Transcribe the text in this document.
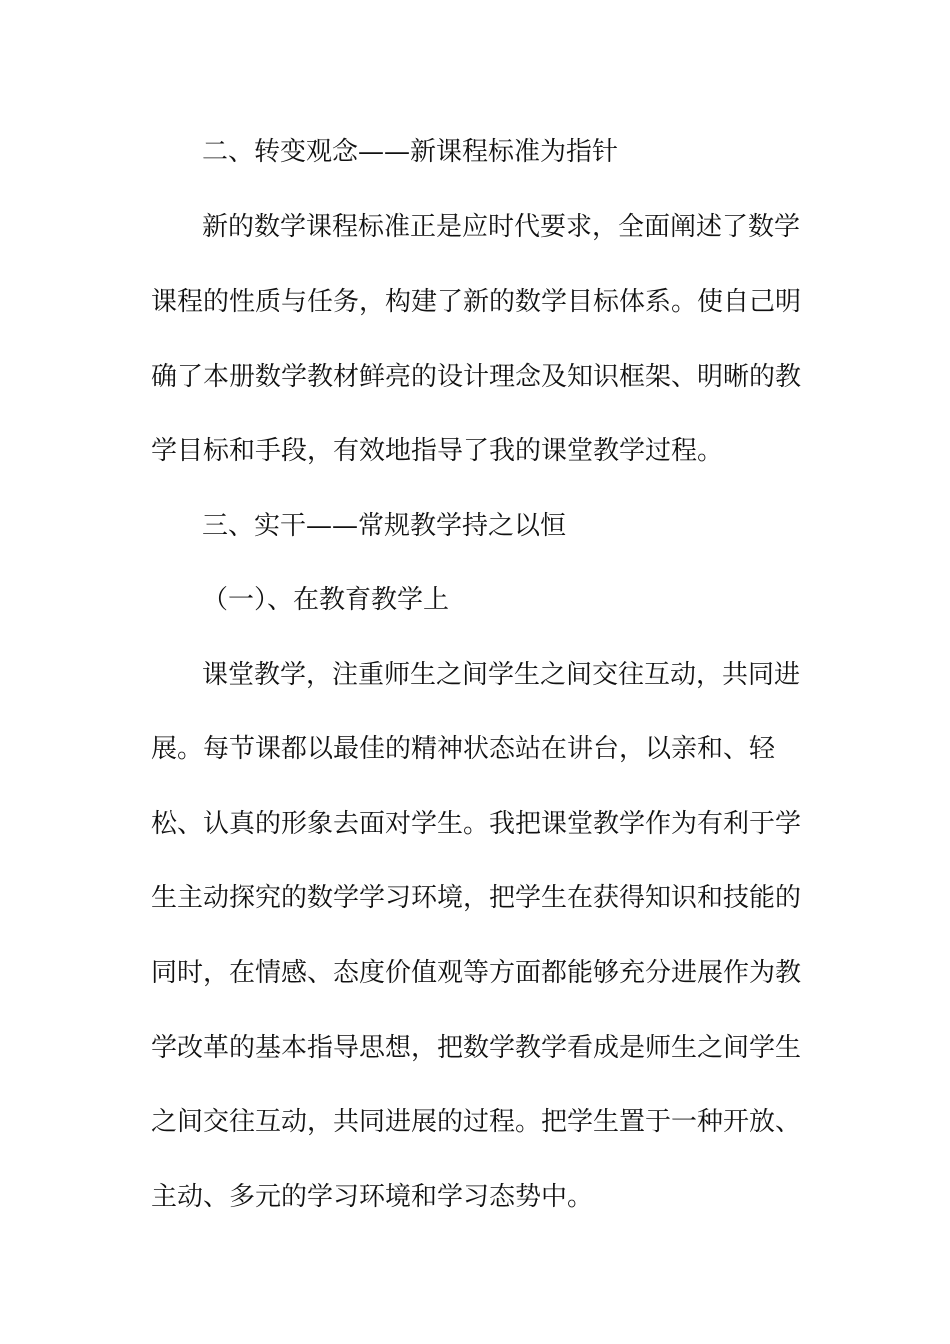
二、转变观念——新课程标准为指针
新的数学课程标准正是应时代要求，全面阐述了数学
课程的性质与任务，构建了新的数学目标体系。使自己明
确了本册数学教材鲜亮的设计理念及知识框架、明晰的教
学目标和手段，有效地指导了我的课堂教学过程。
三、实干——常规教学持之以恒
（一）、在教育教学上
课堂教学，注重师生之间学生之间交往互动，共同进
展。每节课都以最佳的精神状态站在讲台，以亲和、轻
松、认真的形象去面对学生。我把课堂教学作为有利于学
生主动探究的数学学习环境，把学生在获得知识和技能的
同时，在情感、态度价值观等方面都能够充分进展作为教
学改革的基本指导思想，把数学教学看成是师生之间学生
之间交往互动，共同进展的过程。把学生置于一种开放、
主动、多元的学习环境和学习态势中。
